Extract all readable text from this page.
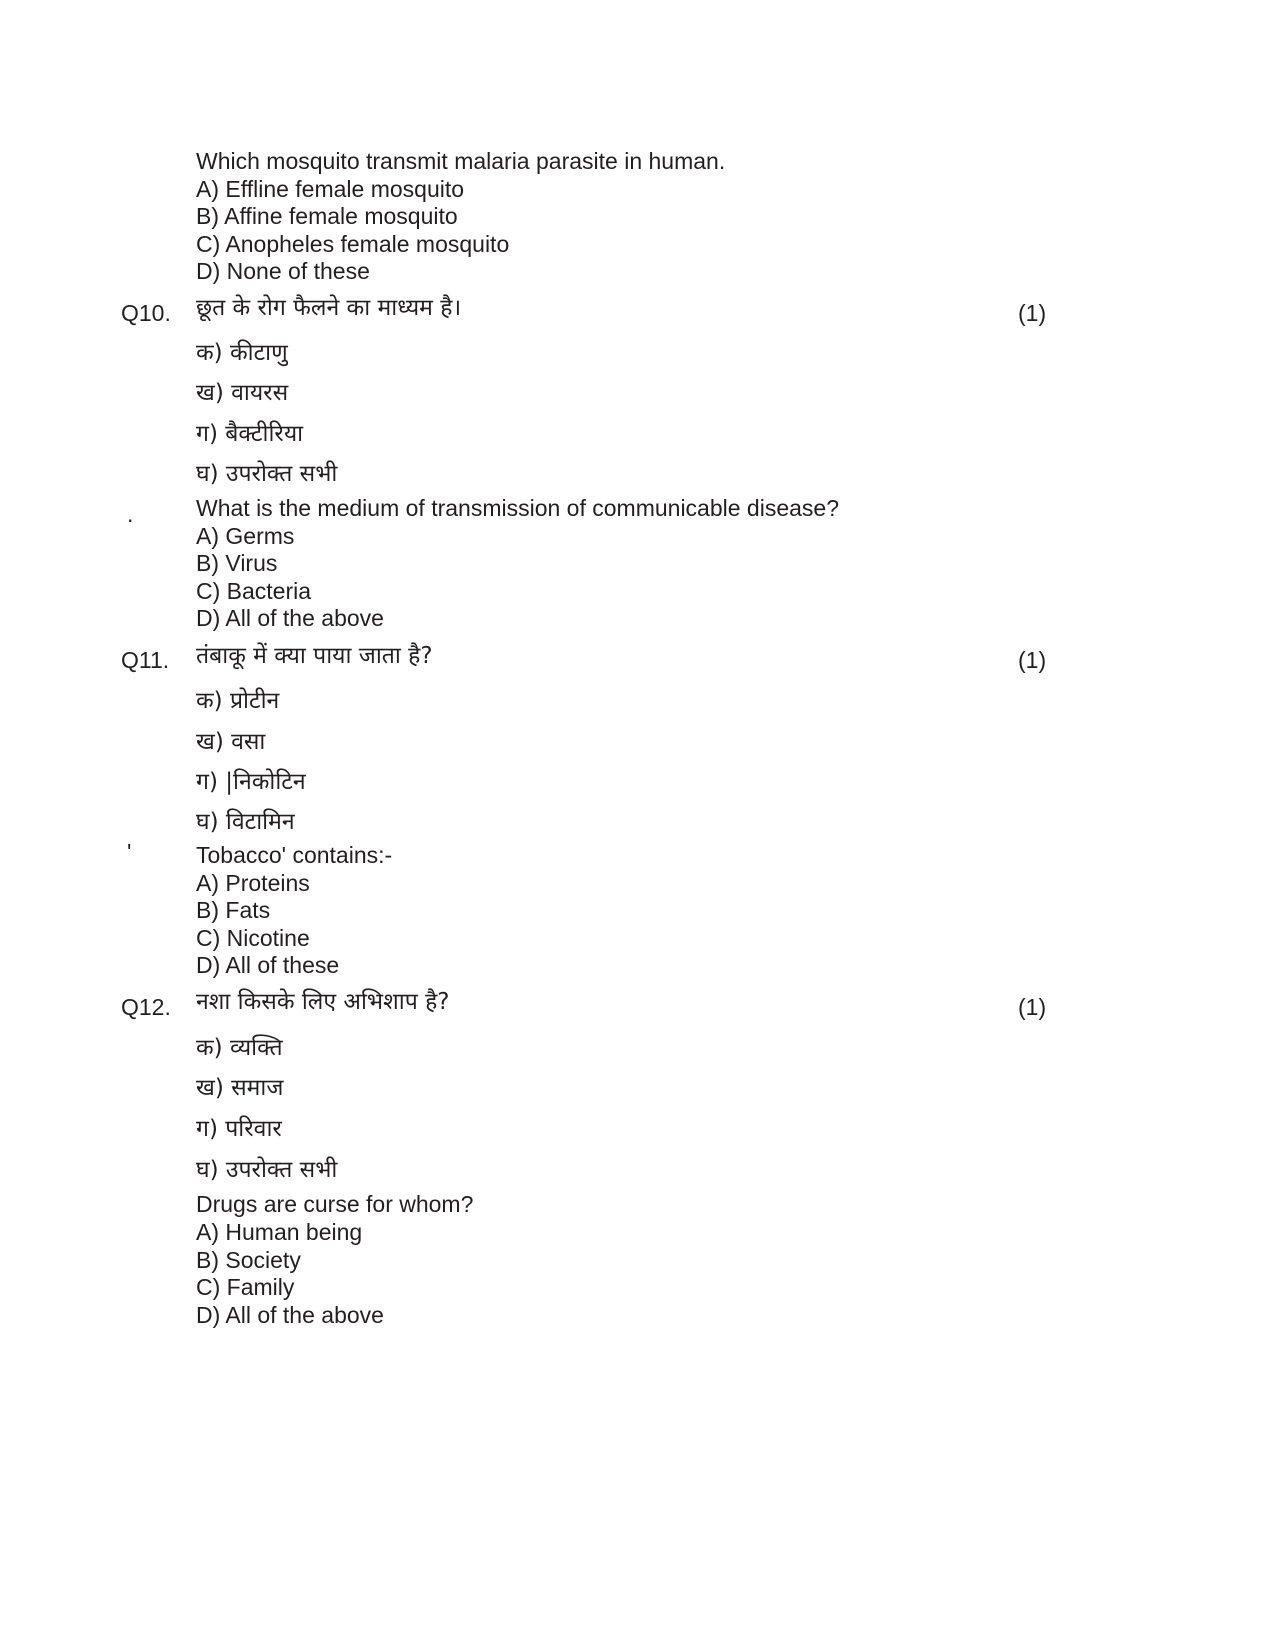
Which mosquito transmit malaria parasite in human.
A) Effline female mosquito
B) Affine female mosquito
C) Anopheles female mosquito
D) None of these
Q10. छूत के रोग फैलने का माध्यम है।	(1)
क) कीटाणु
ख) वायरस
ग) बैक्टीरिया
घ) उपरोक्त सभी
.	What is the medium of transmission of communicable disease?
A) Germs
B) Virus
C) Bacteria
D) All of the above
Q11. तंबाकू में क्या पाया जाता है?	(1)
क) प्रोटीन
ख) वसा
ग) |निकोटिन
घ) विटामिन
'	Tobacco' contains:-
A) Proteins
B) Fats
C) Nicotine
D) All of these
Q12. नशा किसके लिए अभिशाप है?	(1)
क) व्यक्ति
ख) समाज
ग) परिवार
घ) उपरोक्त सभी
Drugs are curse for whom?
A) Human being
B) Society
C) Family
D) All of the above
